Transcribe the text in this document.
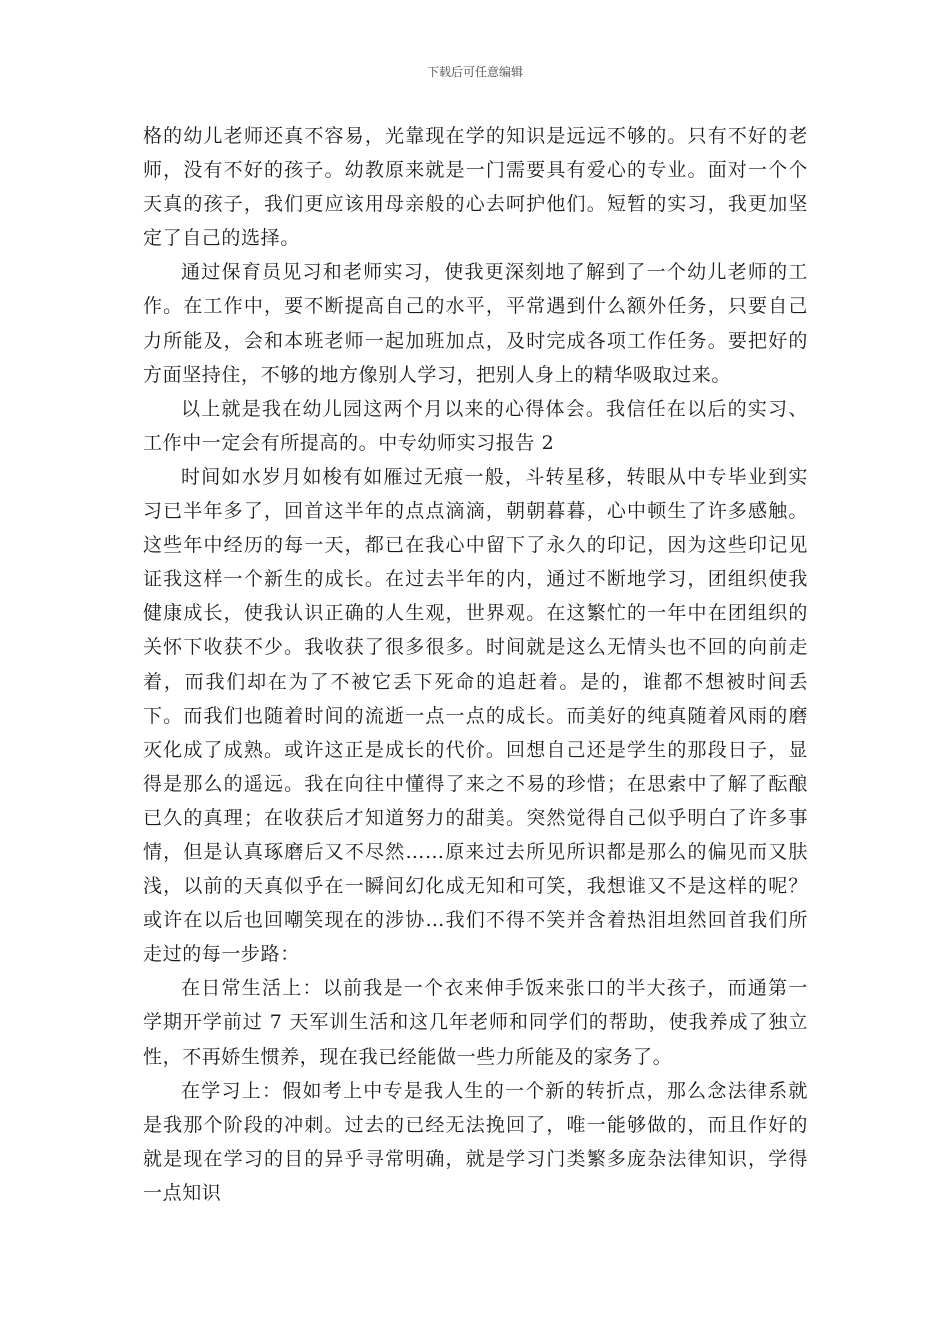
下载后可任意编辑

格的幼儿老师还真不容易，光靠现在学的知识是远远不够的。只有不好的老师，没有不好的孩子。幼教原来就是一门需要具有爱心的专业。面对一个个天真的孩子，我们更应该用母亲般的心去呵护他们。短暂的实习，我更加坚定了自己的选择。

通过保育员见习和老师实习，使我更深刻地了解到了一个幼儿老师的工作。在工作中，要不断提高自己的水平，平常遇到什么额外任务，只要自己力所能及，会和本班老师一起加班加点，及时完成各项工作任务。要把好的方面坚持住，不够的地方像别人学习，把别人身上的精华吸取过来。

以上就是我在幼儿园这两个月以来的心得体会。我信任在以后的实习、工作中一定会有所提高的。中专幼师实习报告 2

时间如水岁月如梭有如雁过无痕一般，斗转星移，转眼从中专毕业到实习已半年多了，回首这半年的点点滴滴，朝朝暮暮，心中顿生了许多感触。这些年中经历的每一天，都已在我心中留下了永久的印记，因为这些印记见证我这样一个新生的成长。在过去半年的内，通过不断地学习，团组织使我健康成长，使我认识正确的人生观，世界观。在这繁忙的一年中在团组织的关怀下收获不少。我收获了很多很多。时间就是这么无情头也不回的向前走着，而我们却在为了不被它丢下死命的追赶着。是的，谁都不想被时间丢下。而我们也随着时间的流逝一点一点的成长。而美好的纯真随着风雨的磨灭化成了成熟。或许这正是成长的代价。回想自己还是学生的那段日子，显得是那么的遥远。我在向往中懂得了来之不易的珍惜；在思索中了解了酝酿已久的真理；在收获后才知道努力的甜美。突然觉得自己似乎明白了许多事情，但是认真琢磨后又不尽然……原来过去所见所识都是那么的偏见而又肤浅，以前的天真似乎在一瞬间幻化成无知和可笑，我想谁又不是这样的呢？或许在以后也回嘲笑现在的涉协…我们不得不笑并含着热泪坦然回首我们所走过的每一步路：

在日常生活上：以前我是一个衣来伸手饭来张口的半大孩子，而通第一学期开学前过 7 天军训生活和这几年老师和同学们的帮助，使我养成了独立性，不再娇生惯养，现在我已经能做一些力所能及的家务了。

在学习上：假如考上中专是我人生的一个新的转折点，那么念法律系就是我那个阶段的冲刺。过去的已经无法挽回了，唯一能够做的，而且作好的就是现在学习的目的异乎寻常明确，就是学习门类繁多庞杂法律知识，学得一点知识
